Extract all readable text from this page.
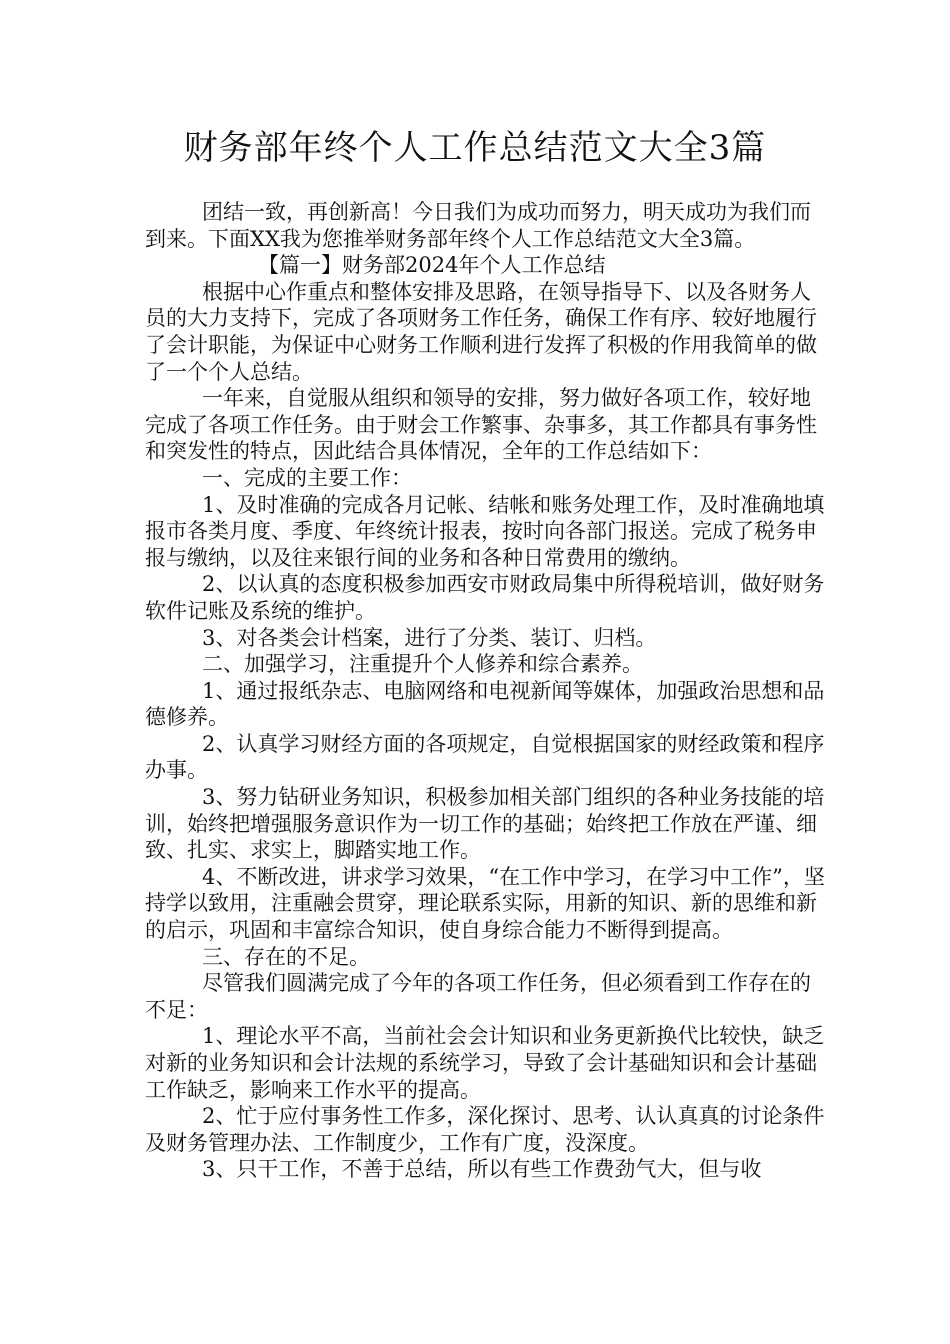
财务部年终个人工作总结范文大全3篇

团结一致，再创新高！今日我们为成功而努力，明天成功为我们而到来。下面XX我为您推举财务部年终个人工作总结范文大全3篇。

【篇一】财务部2024年个人工作总结

根据中心作重点和整体安排及思路，在领导指导下、以及各财务人员的大力支持下，完成了各项财务工作任务，确保工作有序、较好地履行了会计职能，为保证中心财务工作顺利进行发挥了积极的作用我简单的做了一个个人总结。

一年来，自觉服从组织和领导的安排，努力做好各项工作，较好地完成了各项工作任务。由于财会工作繁事、杂事多，其工作都具有事务性和突发性的特点，因此结合具体情况，全年的工作总结如下：

一、完成的主要工作：

1、及时准确的完成各月记帐、结帐和账务处理工作，及时准确地填报市各类月度、季度、年终统计报表，按时向各部门报送。完成了税务申报与缴纳，以及往来银行间的业务和各种日常费用的缴纳。

2、以认真的态度积极参加西安市财政局集中所得税培训，做好财务软件记账及系统的维护。

3、对各类会计档案，进行了分类、装订、归档。

二、加强学习，注重提升个人修养和综合素养。

1、通过报纸杂志、电脑网络和电视新闻等媒体，加强政治思想和品德修养。

2、认真学习财经方面的各项规定，自觉根据国家的财经政策和程序办事。

3、努力钻研业务知识，积极参加相关部门组织的各种业务技能的培训，始终把增强服务意识作为一切工作的基础；始终把工作放在严谨、细致、扎实、求实上，脚踏实地工作。

4、不断改进，讲求学习效果，“在工作中学习，在学习中工作”，坚持学以致用，注重融会贯穿，理论联系实际，用新的知识、新的思维和新的启示，巩固和丰富综合知识，使自身综合能力不断得到提高。

三、存在的不足。

尽管我们圆满完成了今年的各项工作任务，但必须看到工作存在的不足：

1、理论水平不高，当前社会会计知识和业务更新换代比较快，缺乏对新的业务知识和会计法规的系统学习，导致了会计基础知识和会计基础工作缺乏，影响来工作水平的提高。

2、忙于应付事务性工作多，深化探讨、思考、认认真真的讨论条件及财务管理办法、工作制度少，工作有广度，没深度。

3、只干工作，不善于总结，所以有些工作费劲气大，但与收
